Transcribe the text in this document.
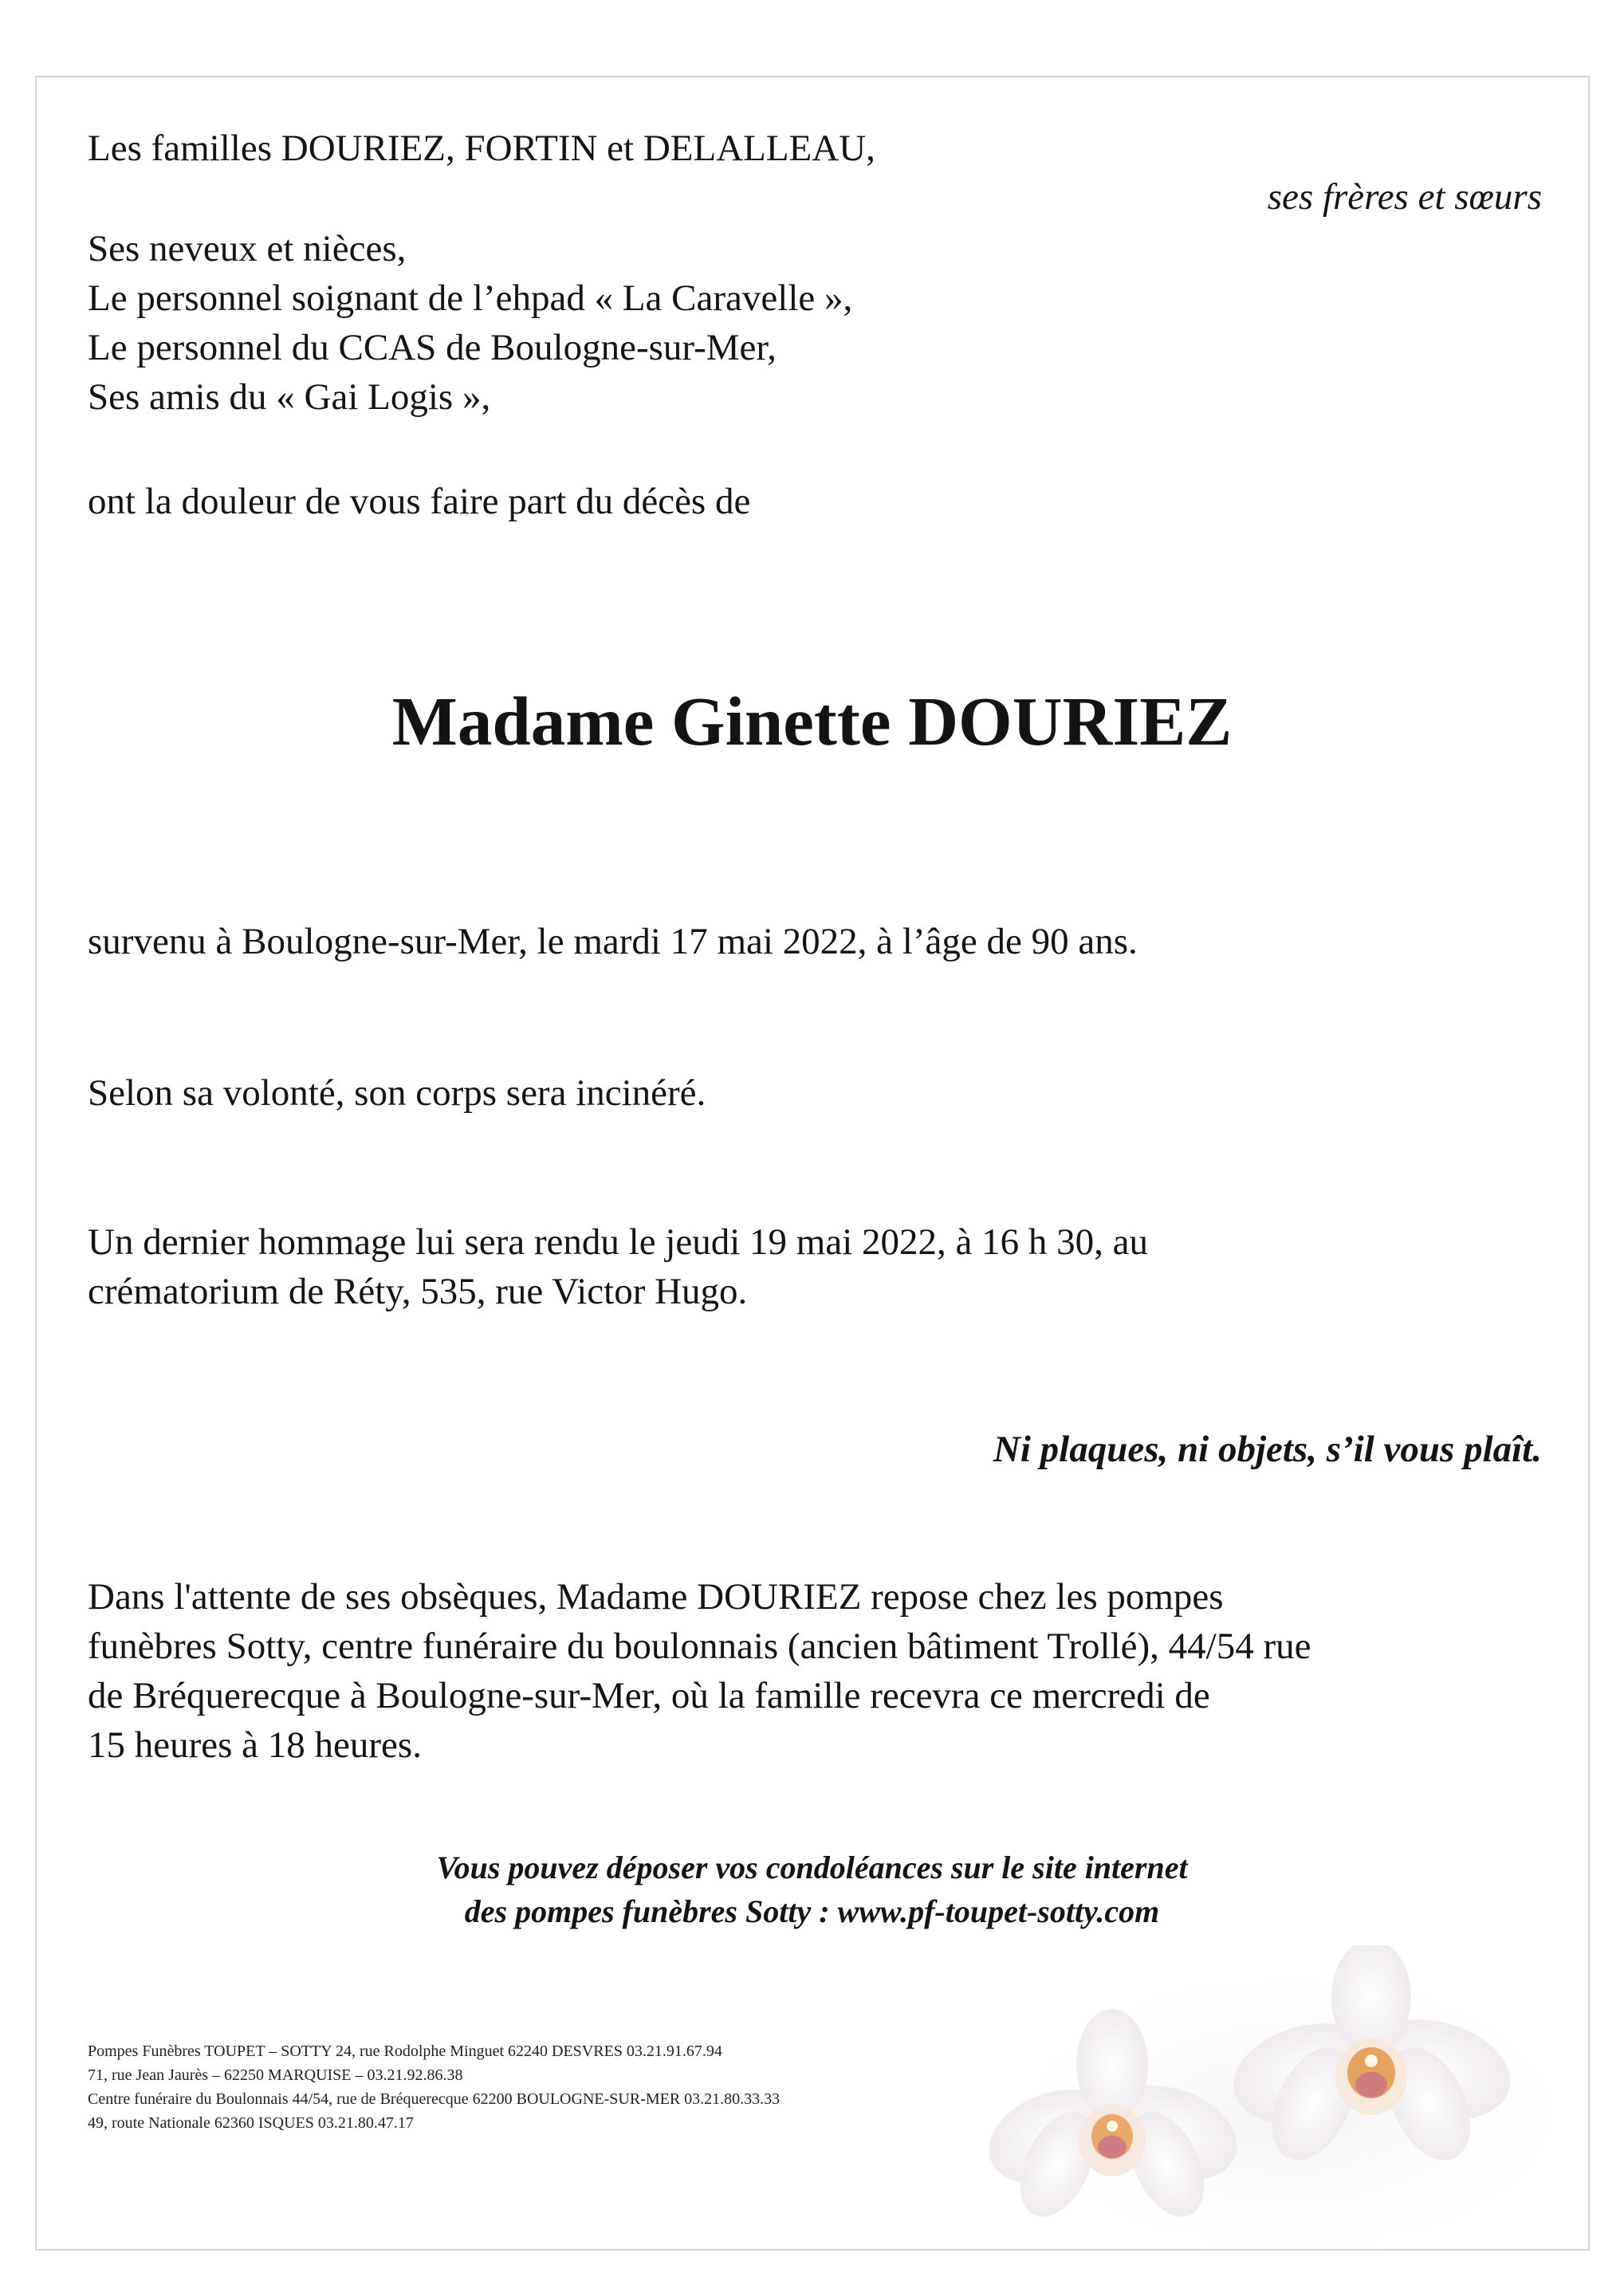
Les familles DOURIEZ, FORTIN et DELALLEAU,
ses frères et sœurs
Ses neveux et nièces,
Le personnel soignant de l’ehpad « La Caravelle »,
Le personnel du CCAS de Boulogne-sur-Mer,
Ses amis du « Gai Logis »,
ont la douleur de vous faire part du décès de
Madame Ginette DOURIEZ
survenu à Boulogne-sur-Mer, le mardi 17 mai 2022, à l’âge de 90 ans.
Selon sa volonté, son corps sera incinéré.
Un dernier hommage lui sera rendu le jeudi 19 mai 2022, à 16 h 30, au
crématorium de Réty, 535, rue Victor Hugo.
Ni plaques, ni objets, s’il vous plaît.
Dans l'attente de ses obsèques, Madame DOURIEZ repose chez les pompes
funèbres Sotty, centre funéraire du boulonnais (ancien bâtiment Trollé), 44/54 rue
de Bréquerecque à Boulogne-sur-Mer, où la famille recevra ce mercredi de
15 heures à 18 heures.
Vous pouvez déposer vos condoléances sur le site internet
des pompes funèbres Sotty : www.pf-toupet-sotty.com
Pompes Funèbres TOUPET – SOTTY 24, rue Rodolphe Minguet 62240 DESVRES 03.21.91.67.94
71, rue Jean Jaurès – 62250 MARQUISE – 03.21.92.86.38
Centre funéraire du Boulonnais 44/54, rue de Bréquerecque 62200 BOULOGNE-SUR-MER 03.21.80.33.33
49, route Nationale 62360 ISQUES 03.21.80.47.17
